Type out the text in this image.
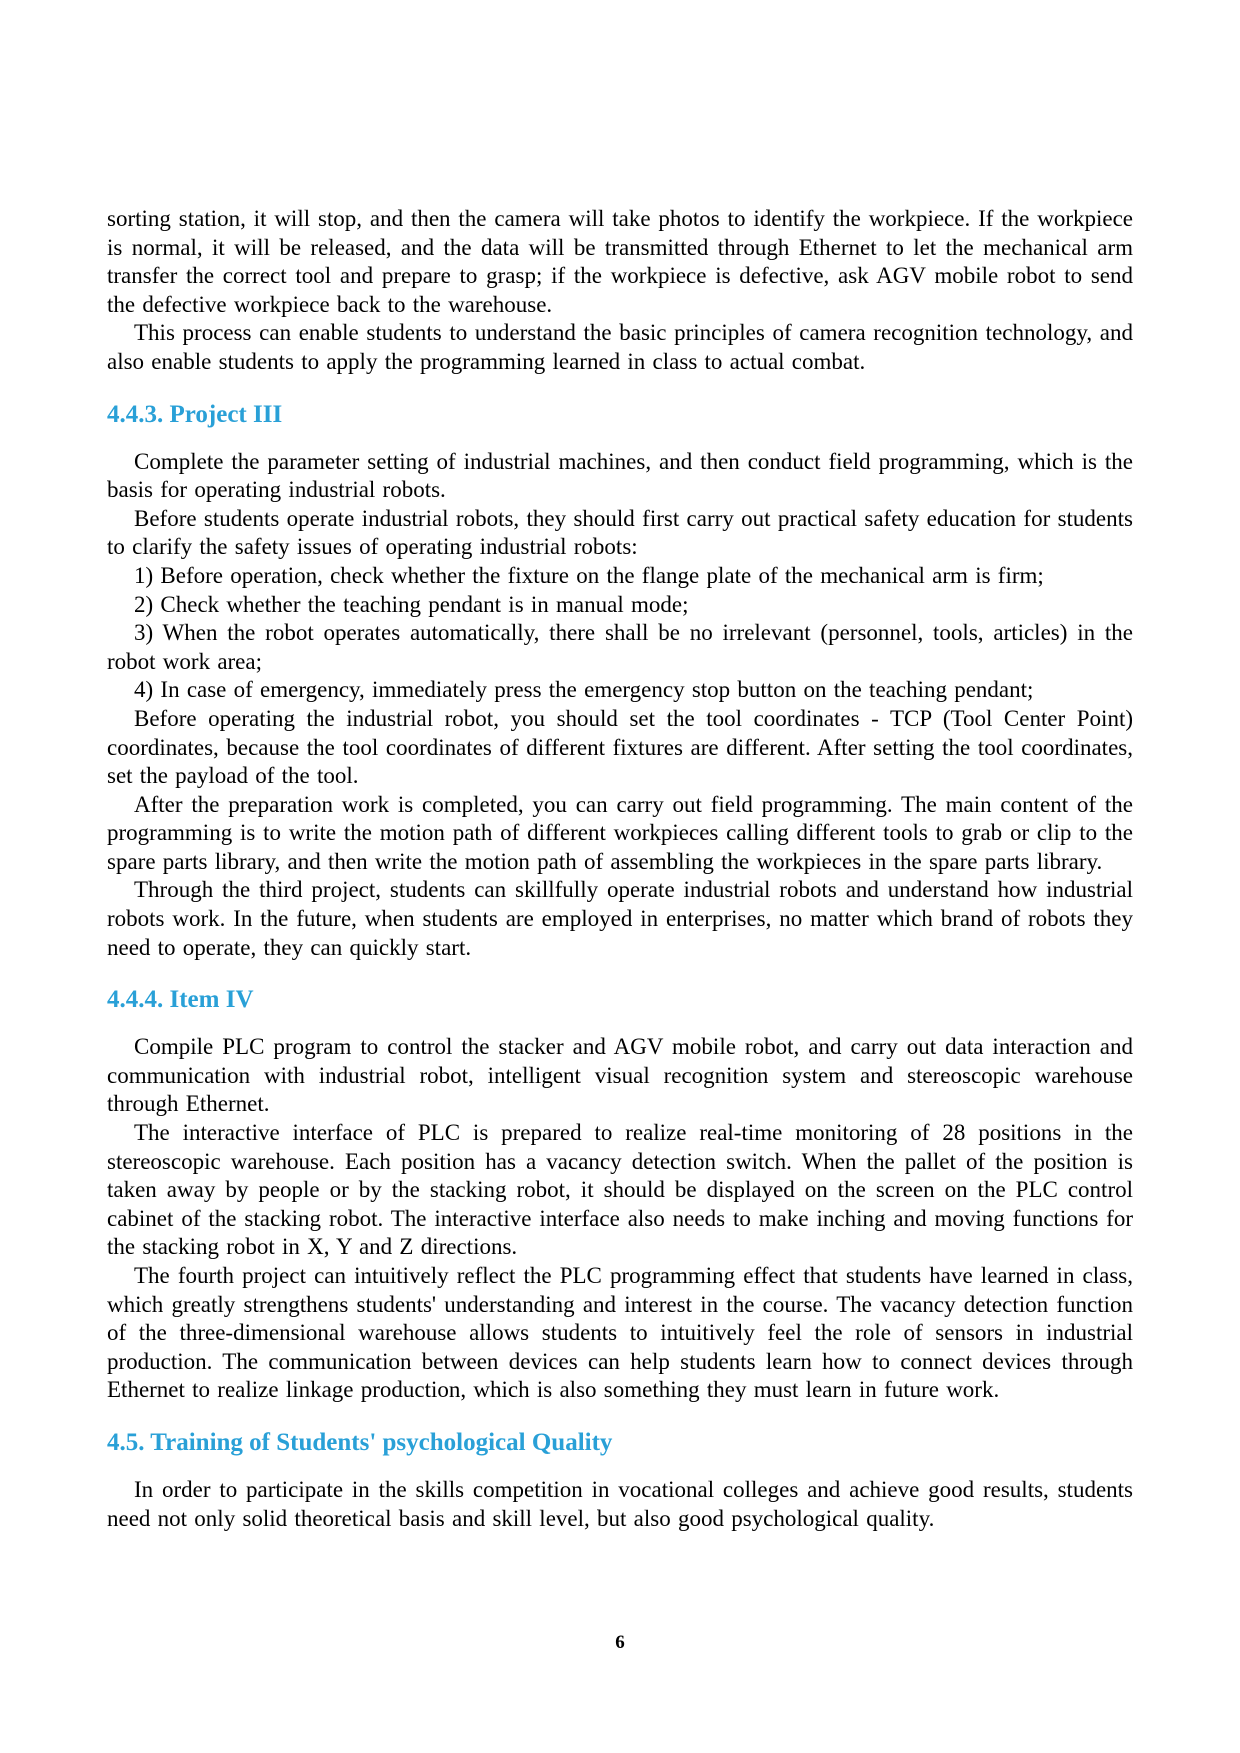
sorting station, it will stop, and then the camera will take photos to identify the workpiece. If the workpiece is normal, it will be released, and the data will be transmitted through Ethernet to let the mechanical arm transfer the correct tool and prepare to grasp; if the workpiece is defective, ask AGV mobile robot to send the defective workpiece back to the warehouse.

This process can enable students to understand the basic principles of camera recognition technology, and also enable students to apply the programming learned in class to actual combat.

4.4.3. Project III

Complete the parameter setting of industrial machines, and then conduct field programming, which is the basis for operating industrial robots.

Before students operate industrial robots, they should first carry out practical safety education for students to clarify the safety issues of operating industrial robots:

1) Before operation, check whether the fixture on the flange plate of the mechanical arm is firm;

2) Check whether the teaching pendant is in manual mode;

3) When the robot operates automatically, there shall be no irrelevant (personnel, tools, articles) in the robot work area;

4) In case of emergency, immediately press the emergency stop button on the teaching pendant;

Before operating the industrial robot, you should set the tool coordinates - TCP (Tool Center Point) coordinates, because the tool coordinates of different fixtures are different. After setting the tool coordinates, set the payload of the tool.

After the preparation work is completed, you can carry out field programming. The main content of the programming is to write the motion path of different workpieces calling different tools to grab or clip to the spare parts library, and then write the motion path of assembling the workpieces in the spare parts library.

Through the third project, students can skillfully operate industrial robots and understand how industrial robots work. In the future, when students are employed in enterprises, no matter which brand of robots they need to operate, they can quickly start.

4.4.4. Item IV

Compile PLC program to control the stacker and AGV mobile robot, and carry out data interaction and communication with industrial robot, intelligent visual recognition system and stereoscopic warehouse through Ethernet.

The interactive interface of PLC is prepared to realize real-time monitoring of 28 positions in the stereoscopic warehouse. Each position has a vacancy detection switch. When the pallet of the position is taken away by people or by the stacking robot, it should be displayed on the screen on the PLC control cabinet of the stacking robot. The interactive interface also needs to make inching and moving functions for the stacking robot in X, Y and Z directions.

The fourth project can intuitively reflect the PLC programming effect that students have learned in class, which greatly strengthens students' understanding and interest in the course. The vacancy detection function of the three-dimensional warehouse allows students to intuitively feel the role of sensors in industrial production. The communication between devices can help students learn how to connect devices through Ethernet to realize linkage production, which is also something they must learn in future work.

4.5. Training of Students' psychological Quality

In order to participate in the skills competition in vocational colleges and achieve good results, students need not only solid theoretical basis and skill level, but also good psychological quality.

6
